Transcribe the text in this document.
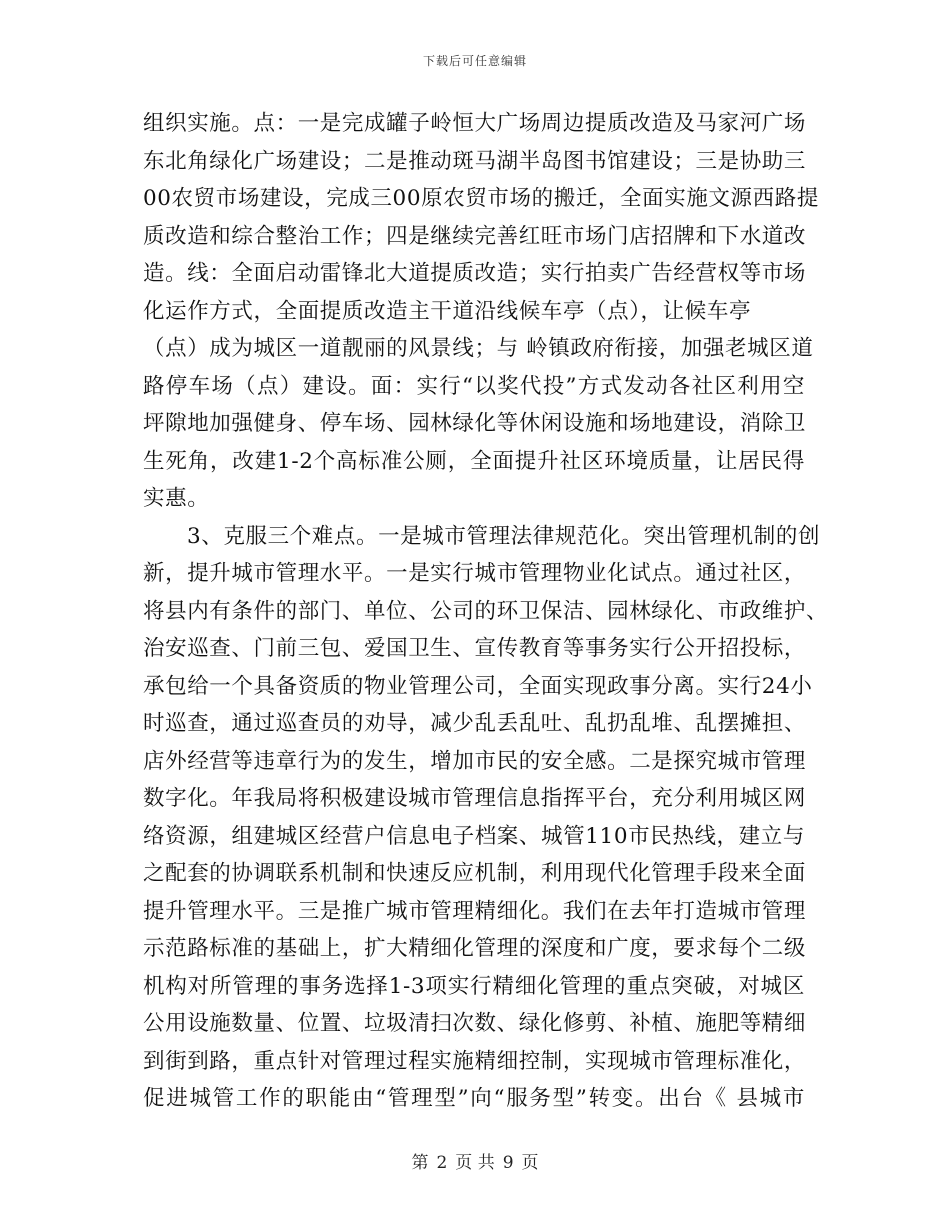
下载后可任意编辑
组织实施。点：一是完成罐子岭恒大广场周边提质改造及马家河广场
东北角绿化广场建设；二是推动斑马湖半岛图书馆建设；三是协助三
00农贸市场建设，完成三00原农贸市场的搬迁，全面实施文源西路提
质改造和综合整治工作；四是继续完善红旺市场门店招牌和下水道改
造。线：全面启动雷锋北大道提质改造；实行拍卖广告经营权等市场
化运作方式，全面提质改造主干道沿线候车亭（点），让候车亭
（点）成为城区一道靓丽的风景线；与 岭镇政府衔接，加强老城区道
路停车场（点）建设。面：实行“以奖代投”方式发动各社区利用空
坪隙地加强健身、停车场、园林绿化等休闲设施和场地建设，消除卫
生死角，改建1-2个高标准公厕，全面提升社区环境质量，让居民得
实惠。
3、克服三个难点。一是城市管理法律规范化。突出管理机制的创
新，提升城市管理水平。一是实行城市管理物业化试点。通过社区，
将县内有条件的部门、单位、公司的环卫保洁、园林绿化、市政维护、
治安巡查、门前三包、爱国卫生、宣传教育等事务实行公开招投标，
承包给一个具备资质的物业管理公司，全面实现政事分离。实行24小
时巡查，通过巡查员的劝导，减少乱丢乱吐、乱扔乱堆、乱摆摊担、
店外经营等违章行为的发生，增加市民的安全感。二是探究城市管理
数字化。年我局将积极建设城市管理信息指挥平台，充分利用城区网
络资源，组建城区经营户信息电子档案、城管110市民热线，建立与
之配套的协调联系机制和快速反应机制，利用现代化管理手段来全面
提升管理水平。三是推广城市管理精细化。我们在去年打造城市管理
示范路标准的基础上，扩大精细化管理的深度和广度，要求每个二级
机构对所管理的事务选择1-3项实行精细化管理的重点突破，对城区
公用设施数量、位置、垃圾清扫次数、绿化修剪、补植、施肥等精细
到街到路，重点针对管理过程实施精细控制，实现城市管理标准化，
促进城管工作的职能由“管理型”向“服务型”转变。出台《 县城市
第 2 页 共 9 页
